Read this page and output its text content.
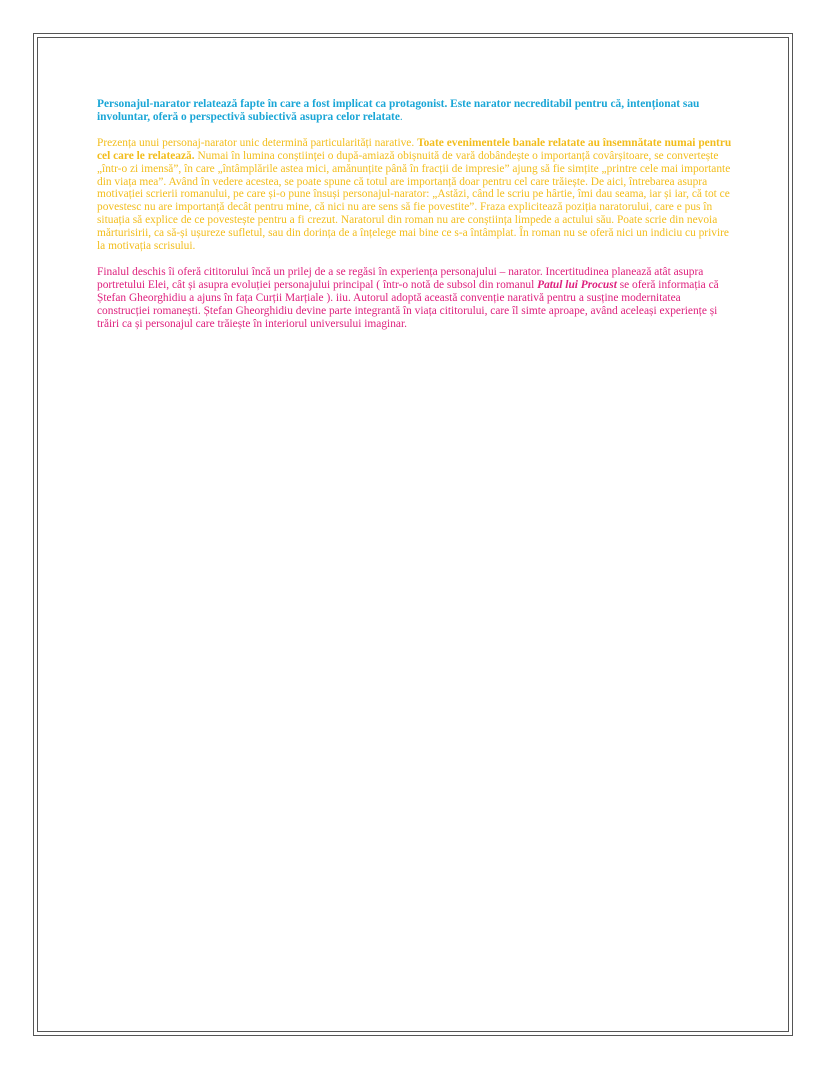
Personajul-narator relatează fapte în care a fost implicat ca protagonist. Este narator necreditabil pentru că, intenționat sau involuntar, oferă o perspectivă subiectivă asupra celor relatate.

Prezența unui personaj-narator unic determină particularități narative. Toate evenimentele banale relatate au însemnătate numai pentru cel care le relatează. Numai în lumina conștiinței o după-amiază obișnuită de vară dobândește o importanță covârșitoare, se convertește „într-o zi imensă”, în care „întâmplările astea mici, amănunțite până în fracții de impresie” ajung să fie simțite „printre cele mai importante din viața mea”. Având în vedere acestea, se poate spune că totul are importanță doar pentru cel care trăiește. De aici, întrebarea asupra motivației scrierii romanului, pe care și-o pune însuși personajul-narator: „Astăzi, când le scriu pe hârtie, îmi dau seama, iar și iar, că tot ce povestesc nu are importanță decât pentru mine, că nici nu are sens să fie povestite”. Fraza explicitează poziția naratorului, care e pus în situația să explice de ce povestește pentru a fi crezut. Naratorul din roman nu are conștiința limpede a actului său. Poate scrie din nevoia mărturisirii, ca să-și ușureze sufletul, sau din dorința de a înțelege mai bine ce s-a întâmplat. În roman nu se oferă nici un indiciu cu privire la motivația scrisului.

Finalul deschis îi oferă cititorului încă un prilej de a se regăsi în experiența personajului – narator. Incertitudinea planează atât asupra portretului Elei, cât și asupra evoluției personajului principal ( într-o notă de subsol din romanul Patul lui Procust se oferă informația că Ștefan Gheorghidiu a ajuns în fața Curții Marțiale ). iiu. Autorul adoptă această convenție narativă pentru a susține modernitatea construcției romanești. Ștefan Gheorghidiu devine parte integrantă în viața cititorului, care îl simte aproape, având aceleași experiențe și trăiri ca și personajul care trăiește în interiorul universului imaginar.
